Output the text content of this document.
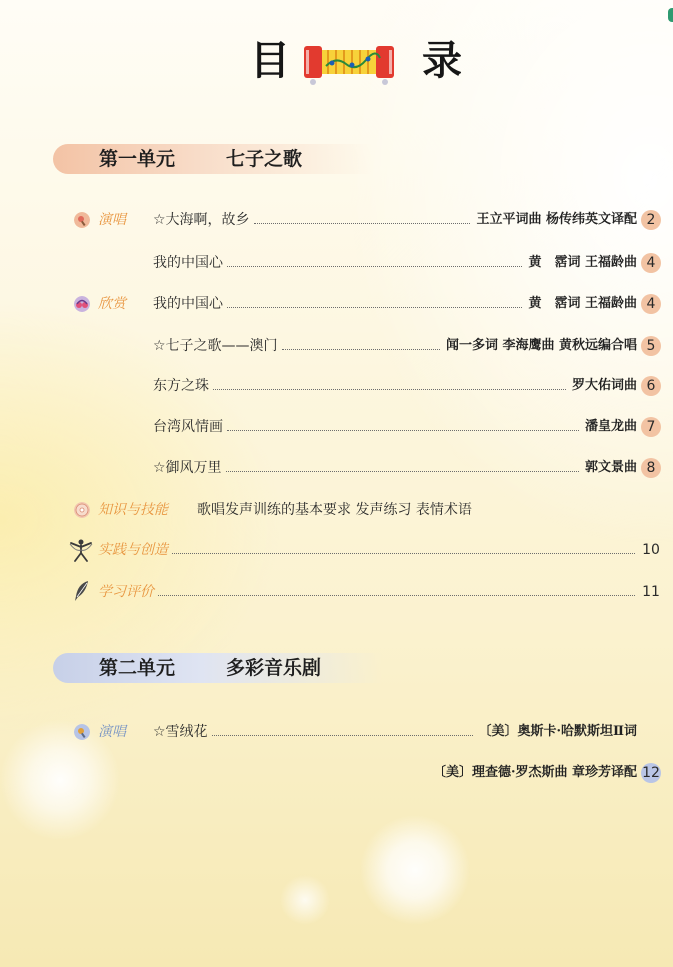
目	录
第一单元	七子之歌
演唱 ☆大海啊，故乡	王立平词曲 杨传纬英文译配 2
我的中国心	黄　霑词 王福龄曲 4
欣赏 我的中国心	黄　霑词 王福龄曲 4
☆七子之歌——澳门	闻一多词 李海鹰曲 黄秋远编合唱 5
东方之珠	罗大佑词曲 6
台湾风情画	潘皇龙曲 7
☆御风万里	郭文景曲 8
知识与技能 歌唱发声训练的基本要求 发声练习 表情术语
实践与创造	10
学习评价	11
第二单元	多彩音乐剧
演唱 ☆雪绒花	〔美〕奥斯卡·哈默斯坦Ⅱ词
〔美〕理查德·罗杰斯曲 章珍芳译配 12
